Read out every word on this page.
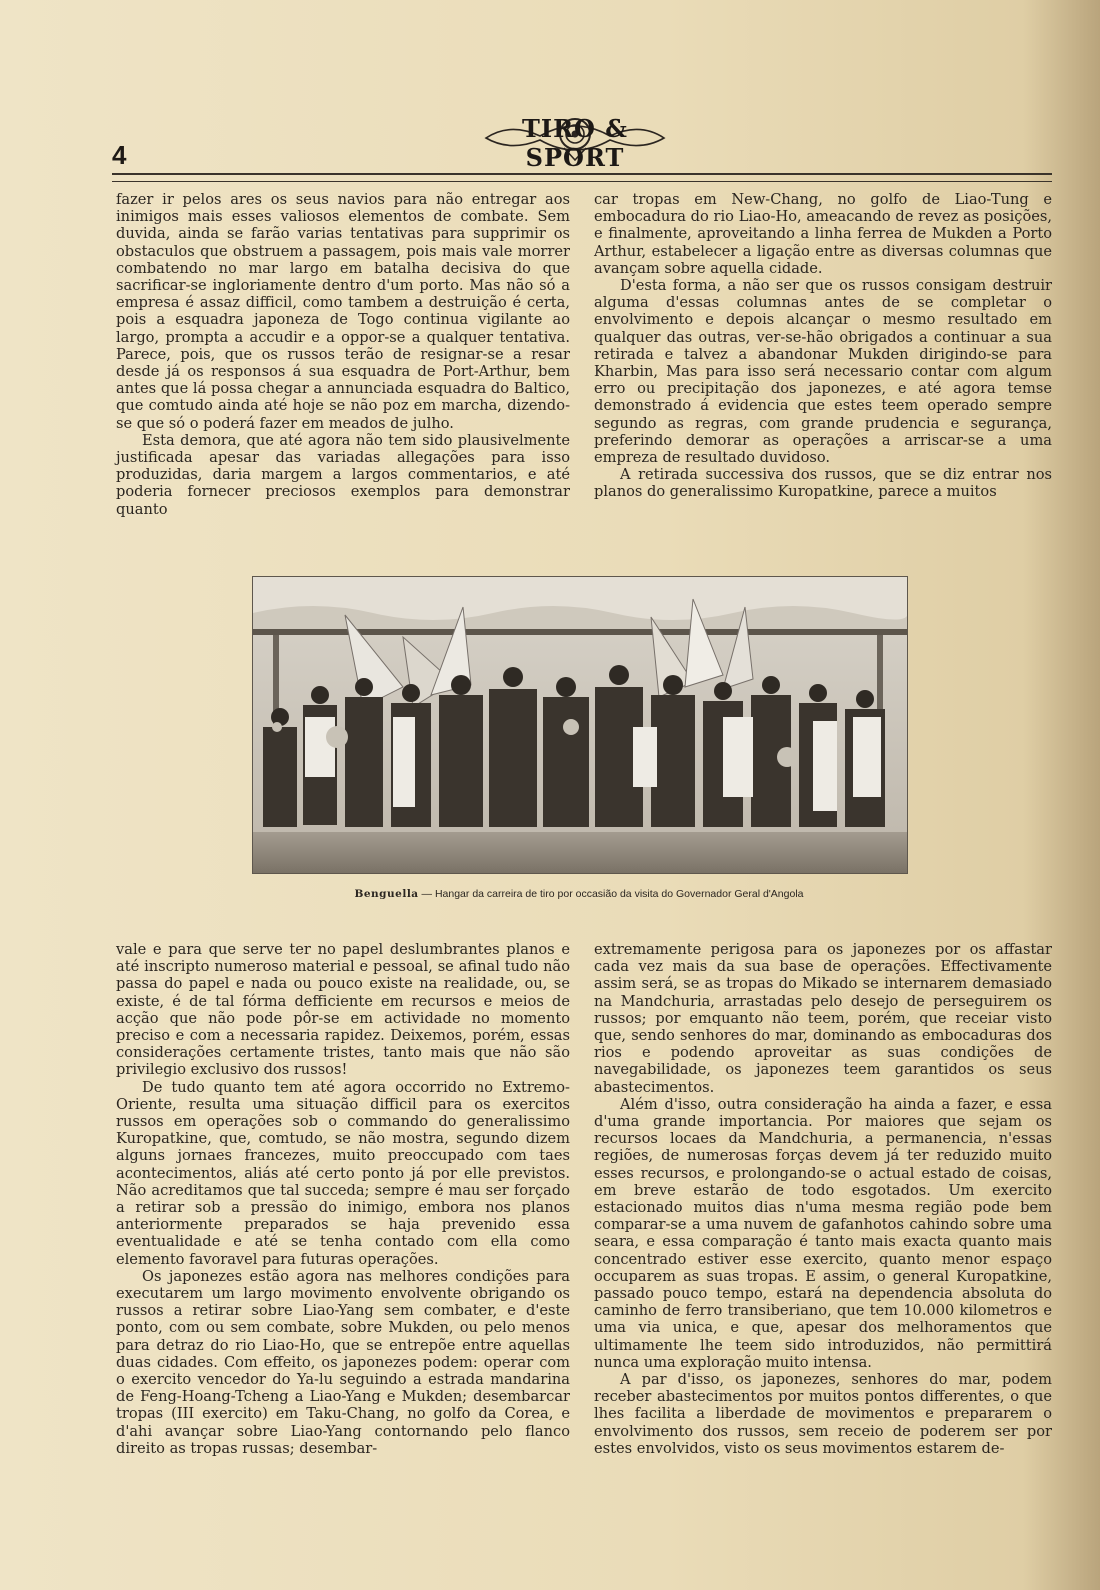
4
TIRO & SPORT

fazer ir pelos ares os seus navios para não entregar aos inimigos mais esses valiosos elementos de combate. Sem duvida, ainda se farão varias tentativas para supprimir os obstaculos que obstruem a passagem, pois mais vale morrer combatendo no mar largo em batalha decisiva do que sacrificar-se ingloriamente dentro d'um porto. Mas não só a empresa é assaz difficil, como tambem a destruição é certa, pois a esquadra japoneza de Togo continua vigilante ao largo, prompta a accudir e a oppor-se a qualquer tentativa. Parece, pois, que os russos terão de resignar-se a resar desde já os responsos á sua esquadra de Port-Arthur, bem antes que lá possa chegar a annunciada esquadra do Baltico, que comtudo ainda até hoje se não poz em marcha, dizendo-se que só o poderá fazer em meados de julho.

Esta demora, que até agora não tem sido plausivelmente justificada apesar das variadas allegações para isso produzidas, daria margem a largos commentarios, e até poderia fornecer preciosos exemplos para demonstrar quanto

car tropas em New-Chang, no golfo de Liao-Tung e embocadura do rio Liao-Ho, ameacando de revez as posições, e finalmente, aproveitando a linha ferrea de Mukden a Porto Arthur, estabelecer a ligação entre as diversas columnas que avançam sobre aquella cidade.

D'esta forma, a não ser que os russos consigam destruir alguma d'essas columnas antes de se completar o envolvimento e depois alcançar o mesmo resultado em qualquer das outras, ver-se-hão obrigados a continuar a sua retirada e talvez a abandonar Mukden dirigindo-se para Kharbin, Mas para isso será necessario contar com algum erro ou precipitação dos japonezes, e até agora temse demonstrado á evidencia que estes teem operado sempre segundo as regras, com grande prudencia e segurança, preferindo demorar as operações a arriscar-se a uma empreza de resultado duvidoso.

A retirada successiva dos russos, que se diz entrar nos planos do generalissimo Kuropatkine, parece a muitos

Benguella — Hangar da carreira de tiro por occasião da visita do Governador Geral d'Angola

vale e para que serve ter no papel deslumbrantes planos e até inscripto numeroso material e pessoal, se afinal tudo não passa do papel e nada ou pouco existe na realidade, ou, se existe, é de tal fórma defficiente em recursos e meios de acção que não pode pôr-se em actividade no momento preciso e com a necessaria rapidez. Deixemos, porém, essas considerações certamente tristes, tanto mais que não são privilegio exclusivo dos russos!

De tudo quanto tem até agora occorrido no Extremo-Oriente, resulta uma situação difficil para os exercitos russos em operações sob o commando do generalissimo Kuropatkine, que, comtudo, se não mostra, segundo dizem alguns jornaes francezes, muito preoccupado com taes acontecimentos, aliás até certo ponto já por elle previstos. Não acreditamos que tal succeda; sempre é mau ser forçado a retirar sob a pressão do inimigo, embora nos planos anteriormente preparados se haja prevenido essa eventualidade e até se tenha contado com ella como elemento favoravel para futuras operações.

Os japonezes estão agora nas melhores condições para executarem um largo movimento envolvente obrigando os russos a retirar sobre Liao-Yang sem combater, e d'este ponto, com ou sem combate, sobre Mukden, ou pelo menos para detraz do rio Liao-Ho, que se entrepõe entre aquellas duas cidades. Com effeito, os japonezes podem: operar com o exercito vencedor do Ya-lu seguindo a estrada mandarina de Feng-Hoang-Tcheng a Liao-Yang e Mukden; desembarcar tropas (III exercito) em Taku-Chang, no golfo da Corea, e d'ahi avançar sobre Liao-Yang contornando pelo flanco direito as tropas russas; desembar-

extremamente perigosa para os japonezes por os affastar cada vez mais da sua base de operações. Effectivamente assim será, se as tropas do Mikado se internarem demasiado na Mandchuria, arrastadas pelo desejo de perseguirem os russos; por emquanto não teem, porém, que receiar visto que, sendo senhores do mar, dominando as embocaduras dos rios e podendo aproveitar as suas condições de navegabilidade, os japonezes teem garantidos os seus abastecimentos.

Além d'isso, outra consideração ha ainda a fazer, e essa d'uma grande importancia. Por maiores que sejam os recursos locaes da Mandchuria, a permanencia, n'essas regiões, de numerosas forças devem já ter reduzido muito esses recursos, e prolongando-se o actual estado de coisas, em breve estarão de todo esgotados. Um exercito estacionado muitos dias n'uma mesma região pode bem comparar-se a uma nuvem de gafanhotos cahindo sobre uma seara, e essa comparação é tanto mais exacta quanto mais concentrado estiver esse exercito, quanto menor espaço occuparem as suas tropas. E assim, o general Kuropatkine, passado pouco tempo, estará na dependencia absoluta do caminho de ferro transiberiano, que tem 10.000 kilometros e uma via unica, e que, apesar dos melhoramentos que ultimamente lhe teem sido introduzidos, não permittirá nunca uma exploração muito intensa.

A par d'isso, os japonezes, senhores do mar, podem receber abastecimentos por muitos pontos differentes, o que lhes facilita a liberdade de movimentos e prepararem o envolvimento dos russos, sem receio de poderem ser por estes envolvidos, visto os seus movimentos estarem de-
